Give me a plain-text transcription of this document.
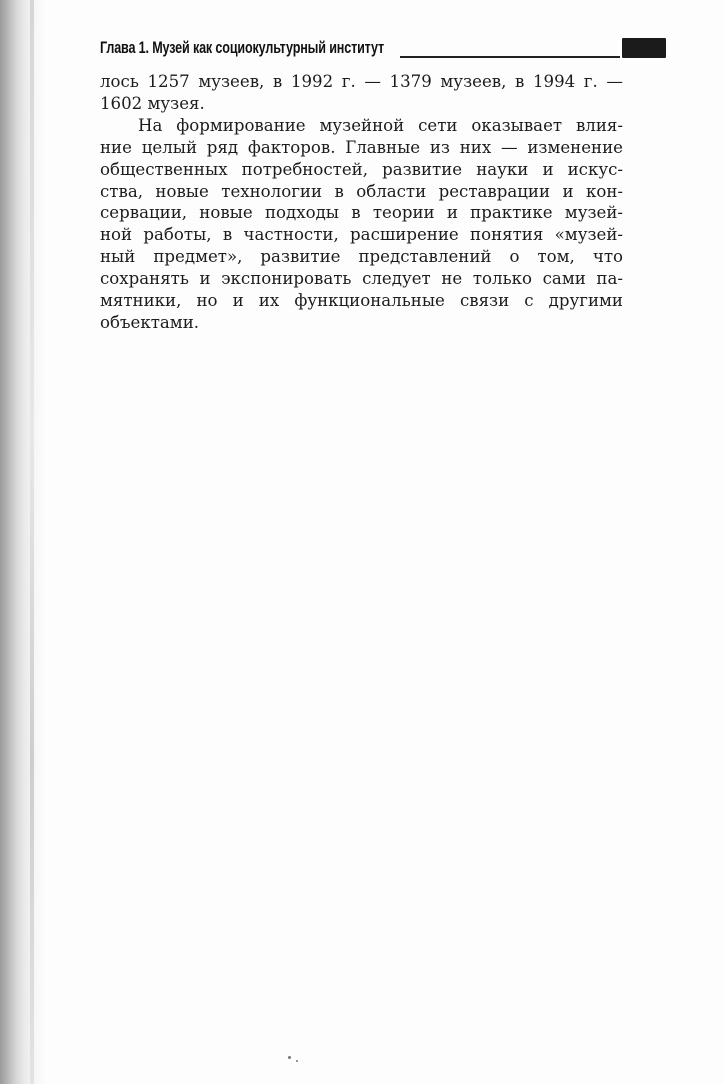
Глава 1. Музей как социокультурный институт
лось 1257 музеев, в 1992 г. — 1379 музеев, в 1994 г. —
1602 музея.
На формирование музейной сети оказывает влия-
ние целый ряд факторов. Главные из них — изменение
общественных потребностей, развитие науки и искус-
ства, новые технологии в области реставрации и кон-
сервации, новые подходы в теории и практике музей-
ной работы, в частности, расширение понятия «музей-
ный предмет», развитие представлений о том, что
сохранять и экспонировать следует не только сами па-
мятники, но и их функциональные связи с другими
объектами.
